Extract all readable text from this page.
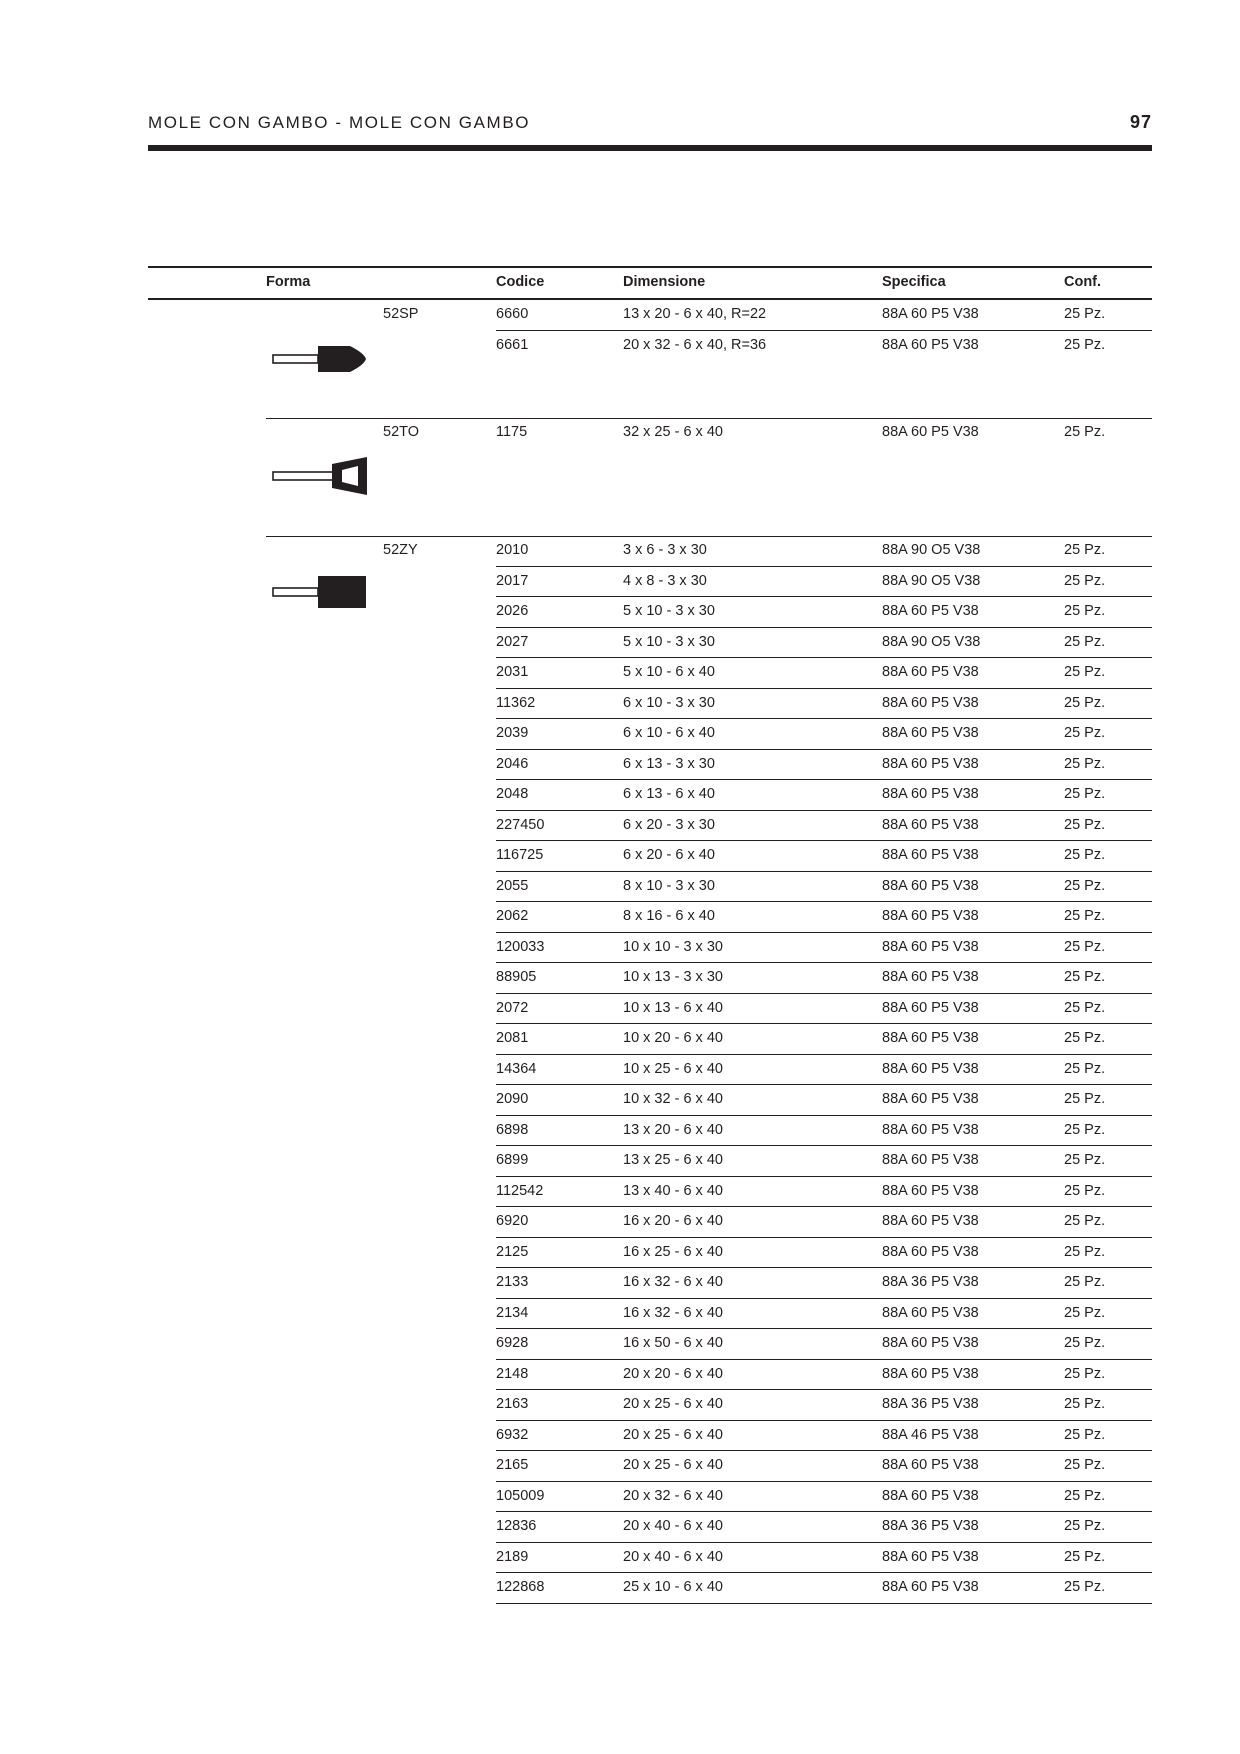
MOLE CON GAMBO - MOLE CON GAMBO	97
Forma	Codice	Dimensione	Specifica	Conf.
52SP	6660	13 x 20 - 6 x 40, R=22	88A 60 P5 V38	25 Pz.
6661	20 x 32 - 6 x 40, R=36	88A 60 P5 V38	25 Pz.
52TO	1175	32 x 25 - 6 x 40	88A 60 P5 V38	25 Pz.
52ZY	2010	3 x 6 - 3 x 30	88A 90 O5 V38	25 Pz.
2017	4 x 8 - 3 x 30	88A 90 O5 V38	25 Pz.
2026	5 x 10 - 3 x 30	88A 60 P5 V38	25 Pz.
2027	5 x 10 - 3 x 30	88A 90 O5 V38	25 Pz.
2031	5 x 10 - 6 x 40	88A 60 P5 V38	25 Pz.
11362	6 x 10 - 3 x 30	88A 60 P5 V38	25 Pz.
2039	6 x 10 - 6 x 40	88A 60 P5 V38	25 Pz.
2046	6 x 13 - 3 x 30	88A 60 P5 V38	25 Pz.
2048	6 x 13 - 6 x 40	88A 60 P5 V38	25 Pz.
227450	6 x 20 - 3 x 30	88A 60 P5 V38	25 Pz.
116725	6 x 20 - 6 x 40	88A 60 P5 V38	25 Pz.
2055	8 x 10 - 3 x 30	88A 60 P5 V38	25 Pz.
2062	8 x 16 - 6 x 40	88A 60 P5 V38	25 Pz.
120033	10 x 10 - 3 x 30	88A 60 P5 V38	25 Pz.
88905	10 x 13 - 3 x 30	88A 60 P5 V38	25 Pz.
2072	10 x 13 - 6 x 40	88A 60 P5 V38	25 Pz.
2081	10 x 20 - 6 x 40	88A 60 P5 V38	25 Pz.
14364	10 x 25 - 6 x 40	88A 60 P5 V38	25 Pz.
2090	10 x 32 - 6 x 40	88A 60 P5 V38	25 Pz.
6898	13 x 20 - 6 x 40	88A 60 P5 V38	25 Pz.
6899	13 x 25 - 6 x 40	88A 60 P5 V38	25 Pz.
112542	13 x 40 - 6 x 40	88A 60 P5 V38	25 Pz.
6920	16 x 20 - 6 x 40	88A 60 P5 V38	25 Pz.
2125	16 x 25 - 6 x 40	88A 60 P5 V38	25 Pz.
2133	16 x 32 - 6 x 40	88A 36 P5 V38	25 Pz.
2134	16 x 32 - 6 x 40	88A 60 P5 V38	25 Pz.
6928	16 x 50 - 6 x 40	88A 60 P5 V38	25 Pz.
2148	20 x 20 - 6 x 40	88A 60 P5 V38	25 Pz.
2163	20 x 25 - 6 x 40	88A 36 P5 V38	25 Pz.
6932	20 x 25 - 6 x 40	88A 46 P5 V38	25 Pz.
2165	20 x 25 - 6 x 40	88A 60 P5 V38	25 Pz.
105009	20 x 32 - 6 x 40	88A 60 P5 V38	25 Pz.
12836	20 x 40 - 6 x 40	88A 36 P5 V38	25 Pz.
2189	20 x 40 - 6 x 40	88A 60 P5 V38	25 Pz.
122868	25 x 10 - 6 x 40	88A 60 P5 V38	25 Pz.
